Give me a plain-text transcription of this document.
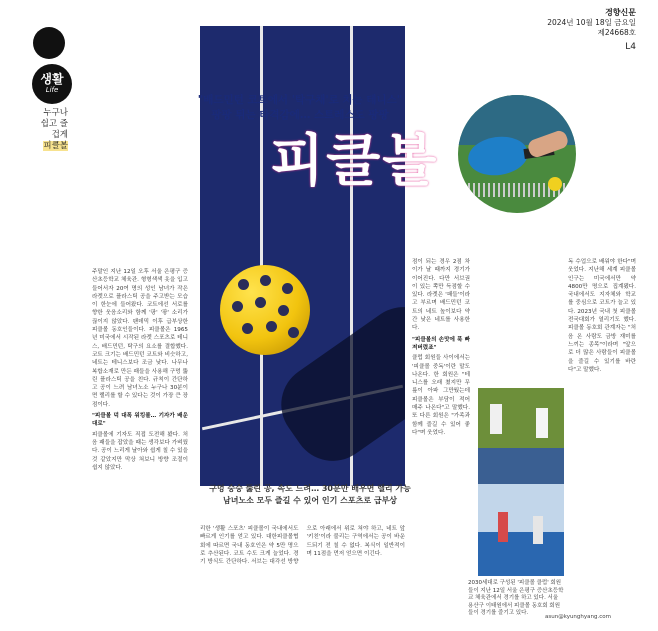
경향신문
2024년 10월 18일 금요일
제24668호
L4
생활
Life
누구나 쉽고 즐겁게
피클볼
"배드민턴 코트에서 '탁구채'로 치는 테니스"
팡팡 튀는 타격감에… 스트레스도 팡팡
피클볼
구멍 숭숭 뚫린 공, 속도 느려… 30분만 배우면 랠리 가능 남녀노소 모두 즐길 수 있어 인기 스포츠로 급부상
주말인 지난 12일 오후 서울 은평구 증산초등학교 체육관. 형형색색 옷을 입고 들어서자 20여 명의 성인 남녀가 작은 라켓으로 플라스틱 공을 주고받는 모습이 한눈에 들어왔다. 코트에선 서로를 향한 웃음소리와 함께 '팡' '팡' 소리가 끊이지 않았다. 팬데믹 이후 급부상한 피클볼 동호인들이다. 피클볼은 1965년 미국에서 시작된 라켓 스포츠로 테니스, 배드민턴, 탁구의 요소를 결합했다. 코트 크기는 배드민턴 코트와 비슷하고, 네트는 테니스보다 조금 낮다. 나무나 복합소재로 만든 패들을 사용해 구멍 뚫린 플라스틱 공을 친다. 규칙이 간단하고 공이 느려 남녀노소 누구나 30분이면 랠리를 할 수 있다는 것이 가장 큰 장점이다.
"피클볼 덕 대폭 워킹볼… 기자가 배운대로"
피클볼에 기자도 직접 도전해 봤다. 처음 패들을 잡았을 때는 생각보다 가벼웠다. 공이 느리게 날아와 쉽게 칠 수 있을 것 같았지만 막상 쳐보니 방향 조절이 쉽지 않았다.
리한 '생활 스포츠' 피클볼이 국내에서도 빠르게 인기를 얻고 있다. 대한피클볼협회에 따르면 국내 동호인은 약 5만 명으로 추산된다. 코트 수도 크게 늘었다. 경기 방식도 간단하다. 서브는 대각선 방향으로 아래에서 위로 쳐야 하고, 네트 앞 '키친'이라 불리는 구역에서는 공이 바운드되기 전 칠 수 없다. 복식이 일반적이며 11점을 먼저 얻으면 이긴다.
점이 되는 경우 2점 차이가 날 때까지 경기가 이어진다. 다만 서브권이 있는 쪽만 득점할 수 있다. 라켓은 '패들'이라고 부르며 배드민턴 코트의 네트 높이보다 약간 낮은 네트를 사용한다.
"피클볼의 손맛에 푹 빠져버렸죠"
클럽 회원들 사이에서는 '피클볼 중독'이란 말도 나온다. 한 회원은 "테니스를 오래 쳤지만 무릎이 아파 그만뒀는데 피클볼은 부담이 적어 매주 나온다"고 말했다. 또 다른 회원은 "가족과 함께 즐길 수 있어 좋다"며 웃었다.
독 수업으로 배워야 한다"며 웃었다. 지난해 세계 피클볼 인구는 미국에서만 약 4800만 명으로 집계됐다. 국내에서도 지자체와 학교를 중심으로 코트가 늘고 있다. 2023년 국내 첫 피클볼 전국대회가 열리기도 했다. 피클볼 동호회 관계자는 "처음 온 사람도 금방 재미를 느끼는 종목"이라며 "앞으로 더 많은 사람들이 피클볼을 즐길 수 있기를 바란다"고 말했다.
2030세대로 구성된 '피클볼 클럽' 회원들이 지난 12일 서울 은평구 증산초등학교 체육관에서 경기를 하고 있다. 서울 용산구 이태원에서 피클볼 동호회 회원들이 경기를 즐기고 있다.
asun@kyunghyang.com
